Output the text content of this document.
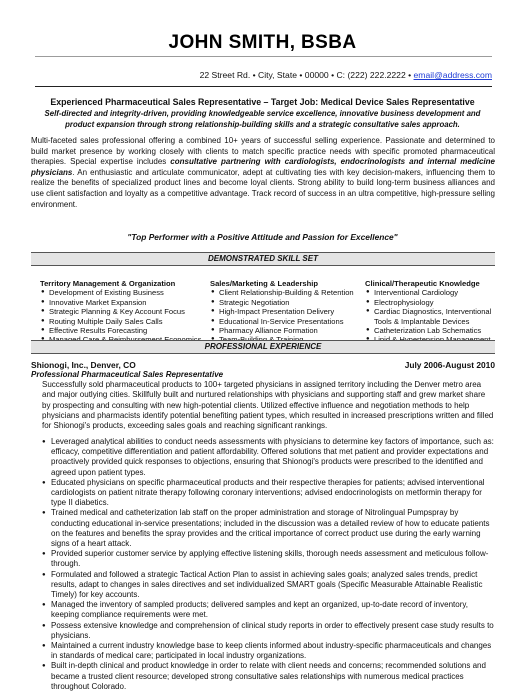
JOHN SMITH, BSBA
22 Street Rd. • City, State • 00000 • C: (222) 222.2222 • email@address.com
Experienced Pharmaceutical Sales Representative – Target Job: Medical Device Sales Representative
Self-directed and integrity-driven, providing knowledgeable service excellence, innovative business development and product expansion through strong relationship-building skills and a strategic consultative sales approach.
Multi-faceted sales professional offering a combined 10+ years of successful selling experience. Passionate and determined to build market presence by working closely with clients to match specific practice needs with specific promoted pharmaceutical therapies. Special expertise includes consultative partnering with cardiologists, endocrinologists and internal medicine physicians. An enthusiastic and articulate communicator, adept at cultivating ties with key decision-makers, influencing them to realize the benefits of specialized product lines and become loyal clients. Strong ability to build long-term business alliances and use client satisfaction and loyalty as a competitive advantage. Track record of success in an ultra competitive, high-pressure selling environment.
"Top Performer with a Positive Attitude and Passion for Excellence"
DEMONSTRATED SKILL SET
Territory Management & Organization
● Development of Existing Business
● Innovative Market Expansion
● Strategic Planning & Key Account Focus
● Routing Multiple Daily Sales Calls
● Effective Results Forecasting
●
Sales/Marketing & Leadership
● Client Relationship-Building & Retention
● Strategic Negotiation
● High-Impact Presentation Delivery
● Educational In-Service Presentations
● Pharmacy Alliance Formation
●
Clinical/Therapeutic Knowledge
● Interventional Cardiology
● Electrophysiology
● Cardiac Diagnostics, Interventional Tools & Implantable Devices
● Catheterization Lab Schematics
●
●
PROFESSIONAL EXPERIENCE
Shionogi, Inc., Denver, CO	July 2006-August 2010
Professional Pharmaceutical Sales Representative
Successfully sold pharmaceutical products to 100+ targeted physicians in assigned territory including the Denver metro area and major outlying cities. Skillfully built and nurtured relationships with physicians and supporting staff and grew market share by prospecting and consulting with new high-potential clients. Utilized effective influence and negotiation methods to help physicians and pharmacists identify potential benefiting patient types, which resulted in increased prescriptions written and filled for Shionogi's products, exceeding sales goals and reaching significant rankings.
● Leveraged analytical abilities to conduct needs assessments with physicians to determine key factors of importance, such as: efficacy, competitive differentiation and patient affordability. Offered solutions that met patient and provider expectations and proactively provided quick responses to objections, ensuring that Shionogi's products were prescribed to the identified and agreed upon patient types.
● Educated physicians on specific pharmaceutical products and their respective therapies for patients; advised interventional cardiologists on patient nitrate therapy following coronary interventions; advised endocrinologists on metformin therapy for type II diabetics.
● Trained medical and catheterization lab staff on the proper administration and storage of Nitrolingual Pumpspray by conducting educational in-service presentations; included in the discussion was a detailed review of how to educate patients on the features and benefits the spray provides and the critical importance of correct product use during the early warning signs of a heart attack.
● Provided superior customer service by applying effective listening skills, thorough needs assessment and meticulous follow-through.
● Formulated and followed a strategic Tactical Action Plan to assist in achieving sales goals; analyzed sales trends, predict results, adapt to changes in sales directives and set individualized SMART goals (Specific Measurable Attainable Realistic Timely) for key accounts.
● Managed the inventory of sampled products; delivered samples and kept an organized, up-to-date record of inventory, keeping compliance requirements were met.
● Possess extensive knowledge and comprehension of clinical study reports in order to effectively present case study results to physicians.
● Maintained a current industry knowledge base to keep clients informed about industry-specific pharmaceuticals and changes in standards of medical care; participated in local industry organizations.
● Built in-depth clinical and product knowledge in order to relate with client needs and concerns; recommended solutions and became a trusted client resource; developed strong consultative sales relationships with numerous medical practices throughout Colorado.
